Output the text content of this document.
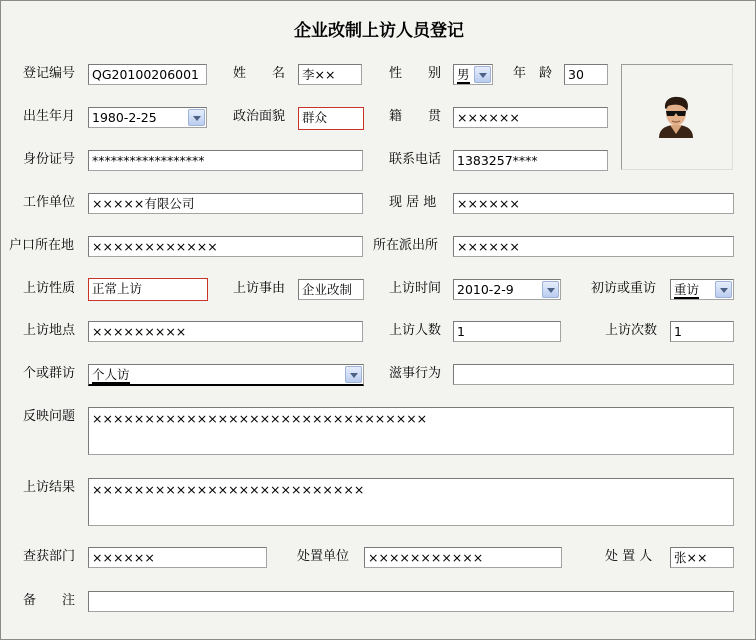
企业改制上访人员登记
登记编号	QG20100206001	姓　　名	李××	性　　别 男	年　龄	30
出生年月 1980-2-25	政治面貌	群众	籍　　贯	××××××
身份证号	******************	联系电话	1383257****
工作单位	×××××有限公司	现 居 地	××××××
户口所在地	××××××××××××	所在派出所	××××××
上访性质	正常上访	上访事由	企业改制	上访时间 2010-2-9	初访或重访 重访
上访地点	×××××××××	上访人数	1	上访次数	1
个或群访 个人访	滋事行为
反映问题	××××××××××××××××××××××××××××××××
上访结果	××××××××××××××××××××××××××
查获部门	××××××	处置单位	×××××××××××	处 置 人	张××
备　　注
